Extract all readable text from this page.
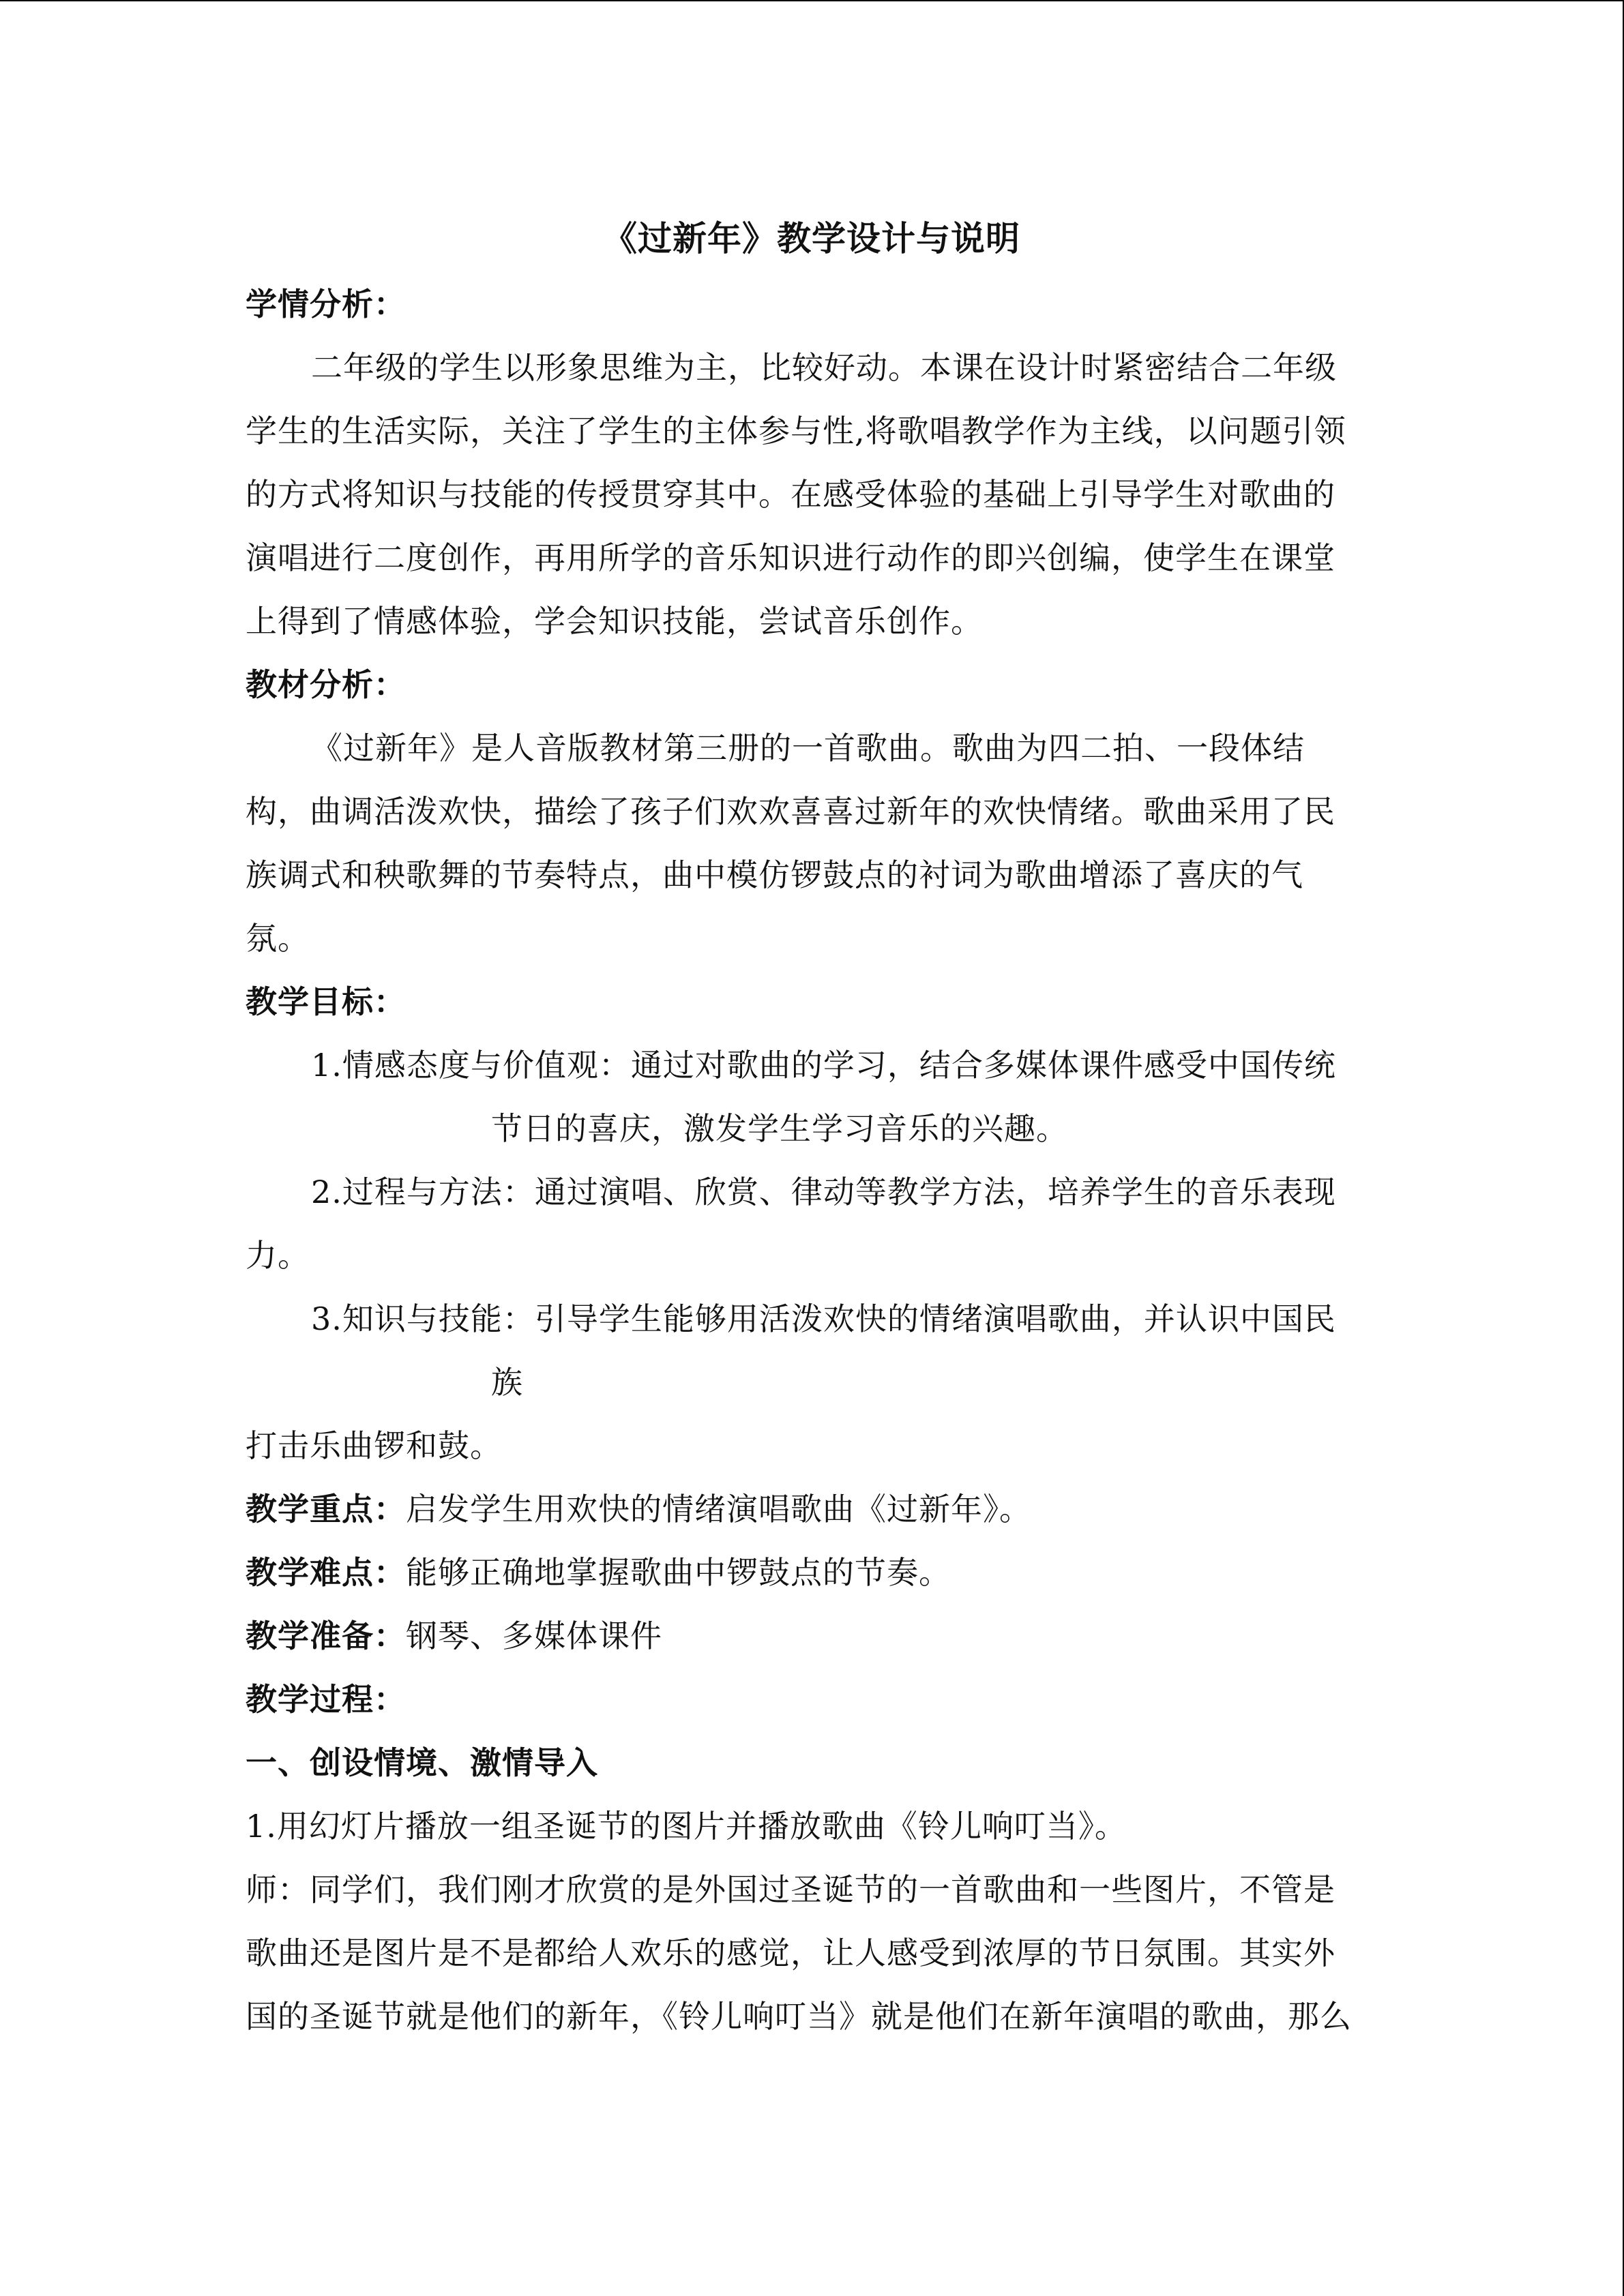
《过新年》教学设计与说明
学情分析：
二年级的学生以形象思维为主，比较好动。本课在设计时紧密结合二年级
学生的生活实际，关注了学生的主体参与性,将歌唱教学作为主线，以问题引领
的方式将知识与技能的传授贯穿其中。在感受体验的基础上引导学生对歌曲的
演唱进行二度创作，再用所学的音乐知识进行动作的即兴创编，使学生在课堂
上得到了情感体验，学会知识技能，尝试音乐创作。
教材分析：
《过新年》是人音版教材第三册的一首歌曲。歌曲为四二拍、一段体结
构，曲调活泼欢快，描绘了孩子们欢欢喜喜过新年的欢快情绪。歌曲采用了民
族调式和秧歌舞的节奏特点，曲中模仿锣鼓点的衬词为歌曲增添了喜庆的气
氛。
教学目标：
1.情感态度与价值观：通过对歌曲的学习，结合多媒体课件感受中国传统
节日的喜庆，激发学生学习音乐的兴趣。
2.过程与方法：通过演唱、欣赏、律动等教学方法，培养学生的音乐表现
力。
3.知识与技能：引导学生能够用活泼欢快的情绪演唱歌曲，并认识中国民
族
打击乐曲锣和鼓。
教学重点：启发学生用欢快的情绪演唱歌曲《过新年》。
教学难点：能够正确地掌握歌曲中锣鼓点的节奏。
教学准备：钢琴、多媒体课件
教学过程：
一、创设情境、激情导入
1.用幻灯片播放一组圣诞节的图片并播放歌曲《铃儿响叮当》。
师：同学们，我们刚才欣赏的是外国过圣诞节的一首歌曲和一些图片，不管是
歌曲还是图片是不是都给人欢乐的感觉，让人感受到浓厚的节日氛围。其实外
国的圣诞节就是他们的新年，《铃儿响叮当》就是他们在新年演唱的歌曲，那么
